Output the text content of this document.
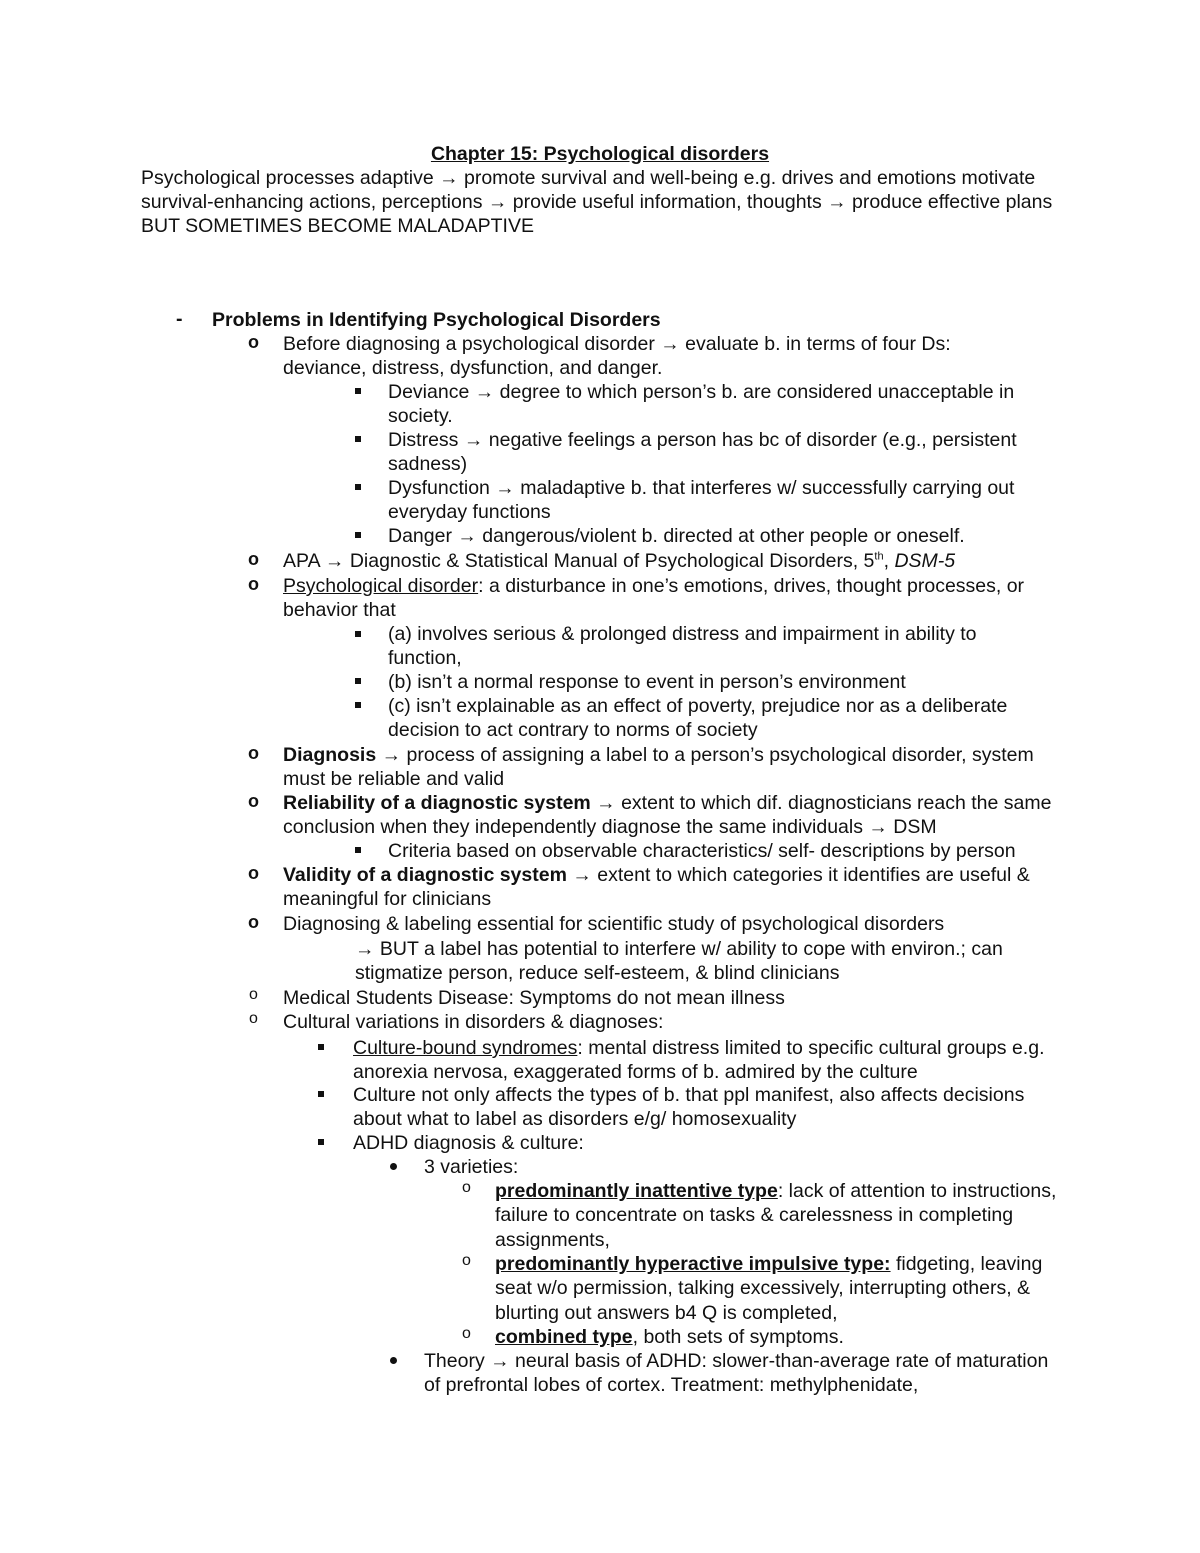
Chapter 15: Psychological disorders
Psychological processes adaptive → promote survival and well-being e.g. drives and emotions motivate survival-enhancing actions, perceptions → provide useful information, thoughts → produce effective plans BUT SOMETIMES BECOME MALADAPTIVE
- Problems in Identifying Psychological Disorders
o Before diagnosing a psychological disorder → evaluate b. in terms of four Ds: deviance, distress, dysfunction, and danger.
Deviance → degree to which person’s b. are considered unacceptable in society.
Distress → negative feelings a person has bc of disorder (e.g., persistent sadness)
Dysfunction → maladaptive b. that interferes w/ successfully carrying out everyday functions
Danger → dangerous/violent b. directed at other people or oneself.
o APA → Diagnostic & Statistical Manual of Psychological Disorders, 5th, DSM-5
o Psychological disorder: a disturbance in one’s emotions, drives, thought processes, or behavior that
(a) involves serious & prolonged distress and impairment in ability to function,
(b) isn’t a normal response to event in person’s environment
(c) isn’t explainable as an effect of poverty, prejudice nor as a deliberate decision to act contrary to norms of society
o Diagnosis → process of assigning a label to a person’s psychological disorder, system must be reliable and valid
o Reliability of a diagnostic system → extent to which dif. diagnosticians reach the same conclusion when they independently diagnose the same individuals → DSM
Criteria based on observable characteristics/ self- descriptions by person
o Validity of a diagnostic system → extent to which categories it identifies are useful & meaningful for clinicians
o Diagnosing & labeling essential for scientific study of psychological disorders
→ BUT a label has potential to interfere w/ ability to cope with environ.; can stigmatize person, reduce self-esteem, & blind clinicians
o Medical Students Disease: Symptoms do not mean illness
o Cultural variations in disorders & diagnoses:
Culture-bound syndromes: mental distress limited to specific cultural groups e.g. anorexia nervosa, exaggerated forms of b. admired by the culture
Culture not only affects the types of b. that ppl manifest, also affects decisions about what to label as disorders e/g/ homosexuality
ADHD diagnosis & culture:
3 varieties:
o predominantly inattentive type: lack of attention to instructions, failure to concentrate on tasks & carelessness in completing assignments,
o predominantly hyperactive impulsive type: fidgeting, leaving seat w/o permission, talking excessively, interrupting others, & blurting out answers b4 Q is completed,
o combined type, both sets of symptoms.
Theory → neural basis of ADHD: slower-than-average rate of maturation of prefrontal lobes of cortex. Treatment: methylphenidate,
